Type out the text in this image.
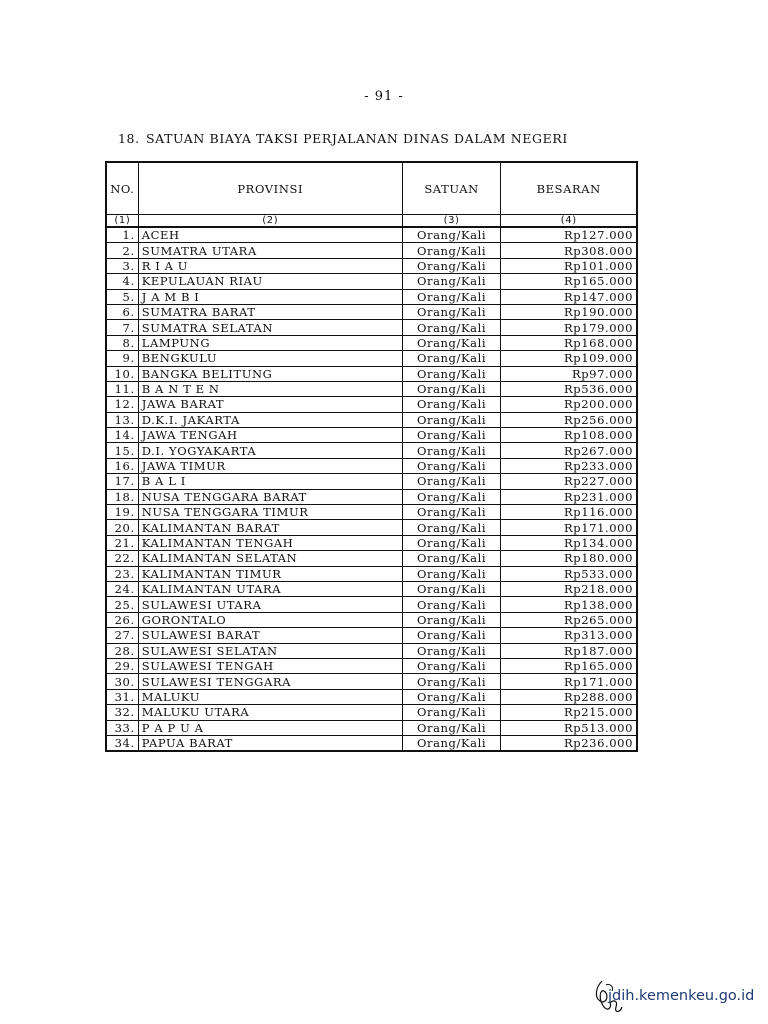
- 91 -
18. SATUAN BIAYA TAKSI PERJALANAN DINAS DALAM NEGERI
NO.	PROVINSI	SATUAN	BESARAN
(1)	(2)	(3)	(4)
1.	ACEH	Orang/Kali	Rp127.000
2.	SUMATRA UTARA	Orang/Kali	Rp308.000
3.	R I A U	Orang/Kali	Rp101.000
4.	KEPULAUAN RIAU	Orang/Kali	Rp165.000
5.	J A M B I	Orang/Kali	Rp147.000
6.	SUMATRA BARAT	Orang/Kali	Rp190.000
7.	SUMATRA SELATAN	Orang/Kali	Rp179.000
8.	LAMPUNG	Orang/Kali	Rp168.000
9.	BENGKULU	Orang/Kali	Rp109.000
10.	BANGKA BELITUNG	Orang/Kali	Rp97.000
11.	B A N T E N	Orang/Kali	Rp536.000
12.	JAWA BARAT	Orang/Kali	Rp200.000
13.	D.K.I. JAKARTA	Orang/Kali	Rp256.000
14.	JAWA TENGAH	Orang/Kali	Rp108.000
15.	D.I. YOGYAKARTA	Orang/Kali	Rp267.000
16.	JAWA TIMUR	Orang/Kali	Rp233.000
17.	B A L I	Orang/Kali	Rp227.000
18.	NUSA TENGGARA BARAT	Orang/Kali	Rp231.000
19.	NUSA TENGGARA TIMUR	Orang/Kali	Rp116.000
20.	KALIMANTAN BARAT	Orang/Kali	Rp171.000
21.	KALIMANTAN TENGAH	Orang/Kali	Rp134.000
22.	KALIMANTAN SELATAN	Orang/Kali	Rp180.000
23.	KALIMANTAN TIMUR	Orang/Kali	Rp533.000
24.	KALIMANTAN UTARA	Orang/Kali	Rp218.000
25.	SULAWESI UTARA	Orang/Kali	Rp138.000
26.	GORONTALO	Orang/Kali	Rp265.000
27.	SULAWESI BARAT	Orang/Kali	Rp313.000
28.	SULAWESI SELATAN	Orang/Kali	Rp187.000
29.	SULAWESI TENGAH	Orang/Kali	Rp165.000
30.	SULAWESI TENGGARA	Orang/Kali	Rp171.000
31.	MALUKU	Orang/Kali	Rp288.000
32.	MALUKU UTARA	Orang/Kali	Rp215.000
33.	P A P U A	Orang/Kali	Rp513.000
34.	PAPUA BARAT	Orang/Kali	Rp236.000
jdih.kemenkeu.go.id
